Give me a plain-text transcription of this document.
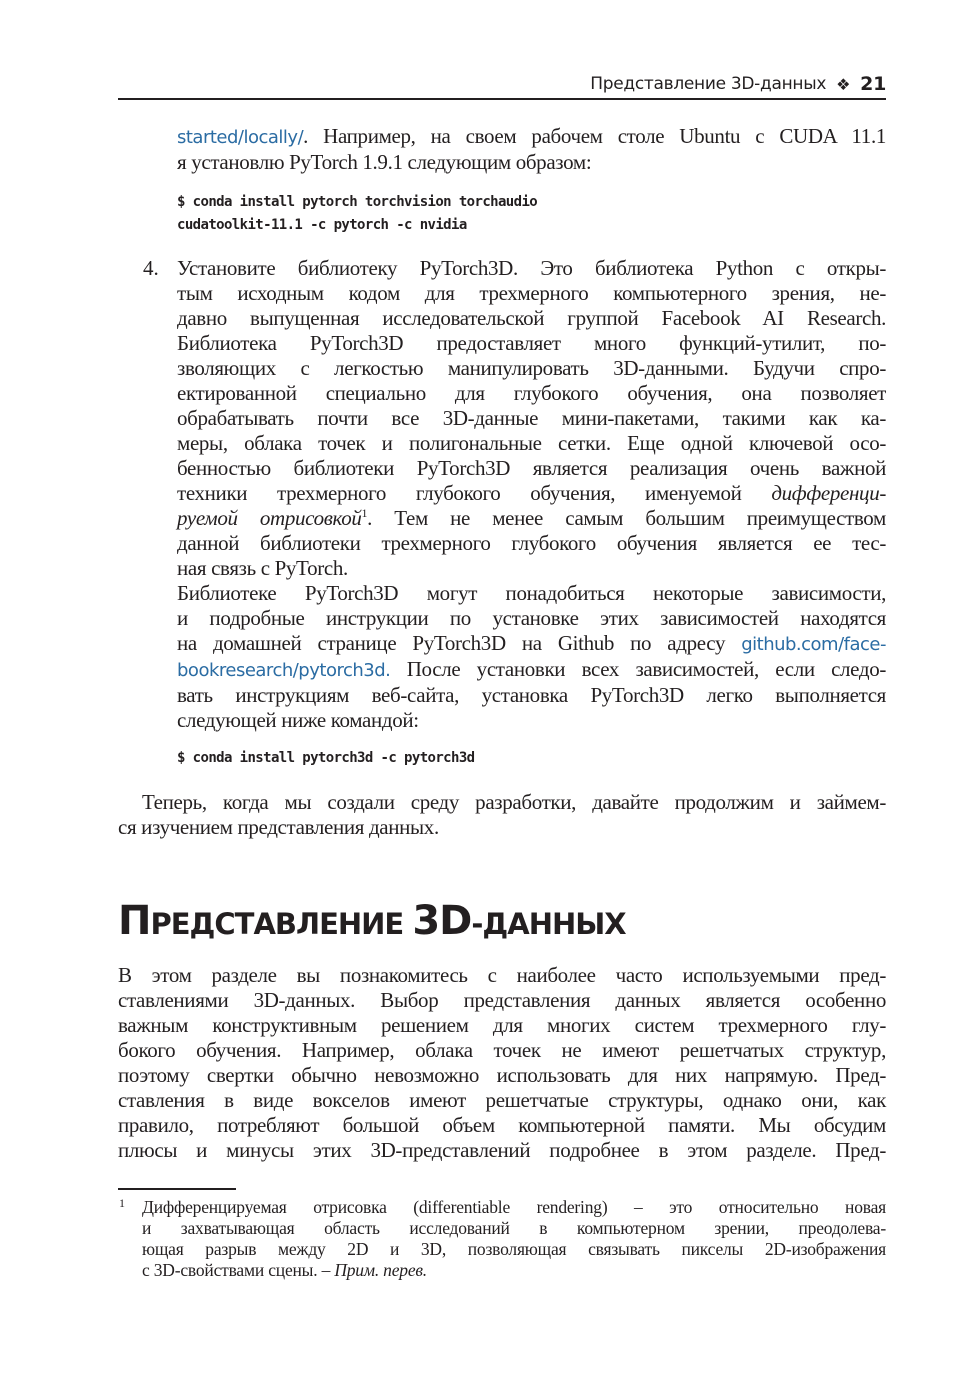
Представление 3D-данных ❖ 21
started/locally/. Например, на своем рабочем столе Ubuntu с CUDA 11.1
я установлю PyTorch 1.9.1 следующим образом:
$ conda install pytorch torchvision torchaudio
cudatoolkit-11.1 -c pytorch -c nvidia
4. Установите библиотеку PyTorch3D. Это библиотека Python с откры-
тым исходным кодом для трехмерного компьютерного зрения, не-
давно выпущенная исследовательской группой Facebook AI Research.
Библиотека PyTorch3D предоставляет много функций-утилит, по-
зволяющих с легкостью манипулировать 3D-данными. Будучи спро-
ектированной специально для глубокого обучения, она позволяет
обрабатывать почти все 3D-данные мини-пакетами, такими как ка-
меры, облака точек и полигональные сетки. Еще одной ключевой осо-
бенностью библиотеки PyTorch3D является реализация очень важной
техники трехмерного глубокого обучения, именуемой дифференци-
руемой отрисовкой$^1$. Тем не менее самым большим преимуществом
данной библиотеки трехмерного глубокого обучения является ее тес-
ная связь с PyTorch.
Библиотеке PyTorch3D могут понадобиться некоторые зависимости,
и подробные инструкции по установке этих зависимостей находятся
на домашней странице PyTorch3D на Github по адресу github.com/face-
bookresearch/pytorch3d. После установки всех зависимостей, если следо-
вать инструкциям веб-сайта, установка PyTorch3D легко выполняется
следующей ниже командой:
$ conda install pytorch3d -c pytorch3d
Теперь, когда мы создали среду разработки, давайте продолжим и займем-
ся изучением представления данных.
ПРЕДСТАВЛЕНИЕ 3D-ДАННЫХ
В этом разделе вы познакомитесь с наиболее часто используемыми пред-
ставлениями 3D-данных. Выбор представления данных является особенно
важным конструктивным решением для многих систем трехмерного глу-
бокого обучения. Например, облака точек не имеют решетчатых структур,
поэтому свертки обычно невозможно использовать для них напрямую. Пред-
ставления в виде вокселов имеют решетчатые структуры, однако они, как
правило, потребляют большой объем компьютерной памяти. Мы обсудим
плюсы и минусы этих 3D-представлений подробнее в этом разделе. Пред-
1 Дифференцируемая отрисовка (differentiable rendering) – это относительно новая
и захватывающая область исследований в компьютерном зрении, преодолева-
ющая разрыв между 2D и 3D, позволяющая связывать пикселы 2D-изображения
с 3D-свойствами сцены. – Прим. перев.
